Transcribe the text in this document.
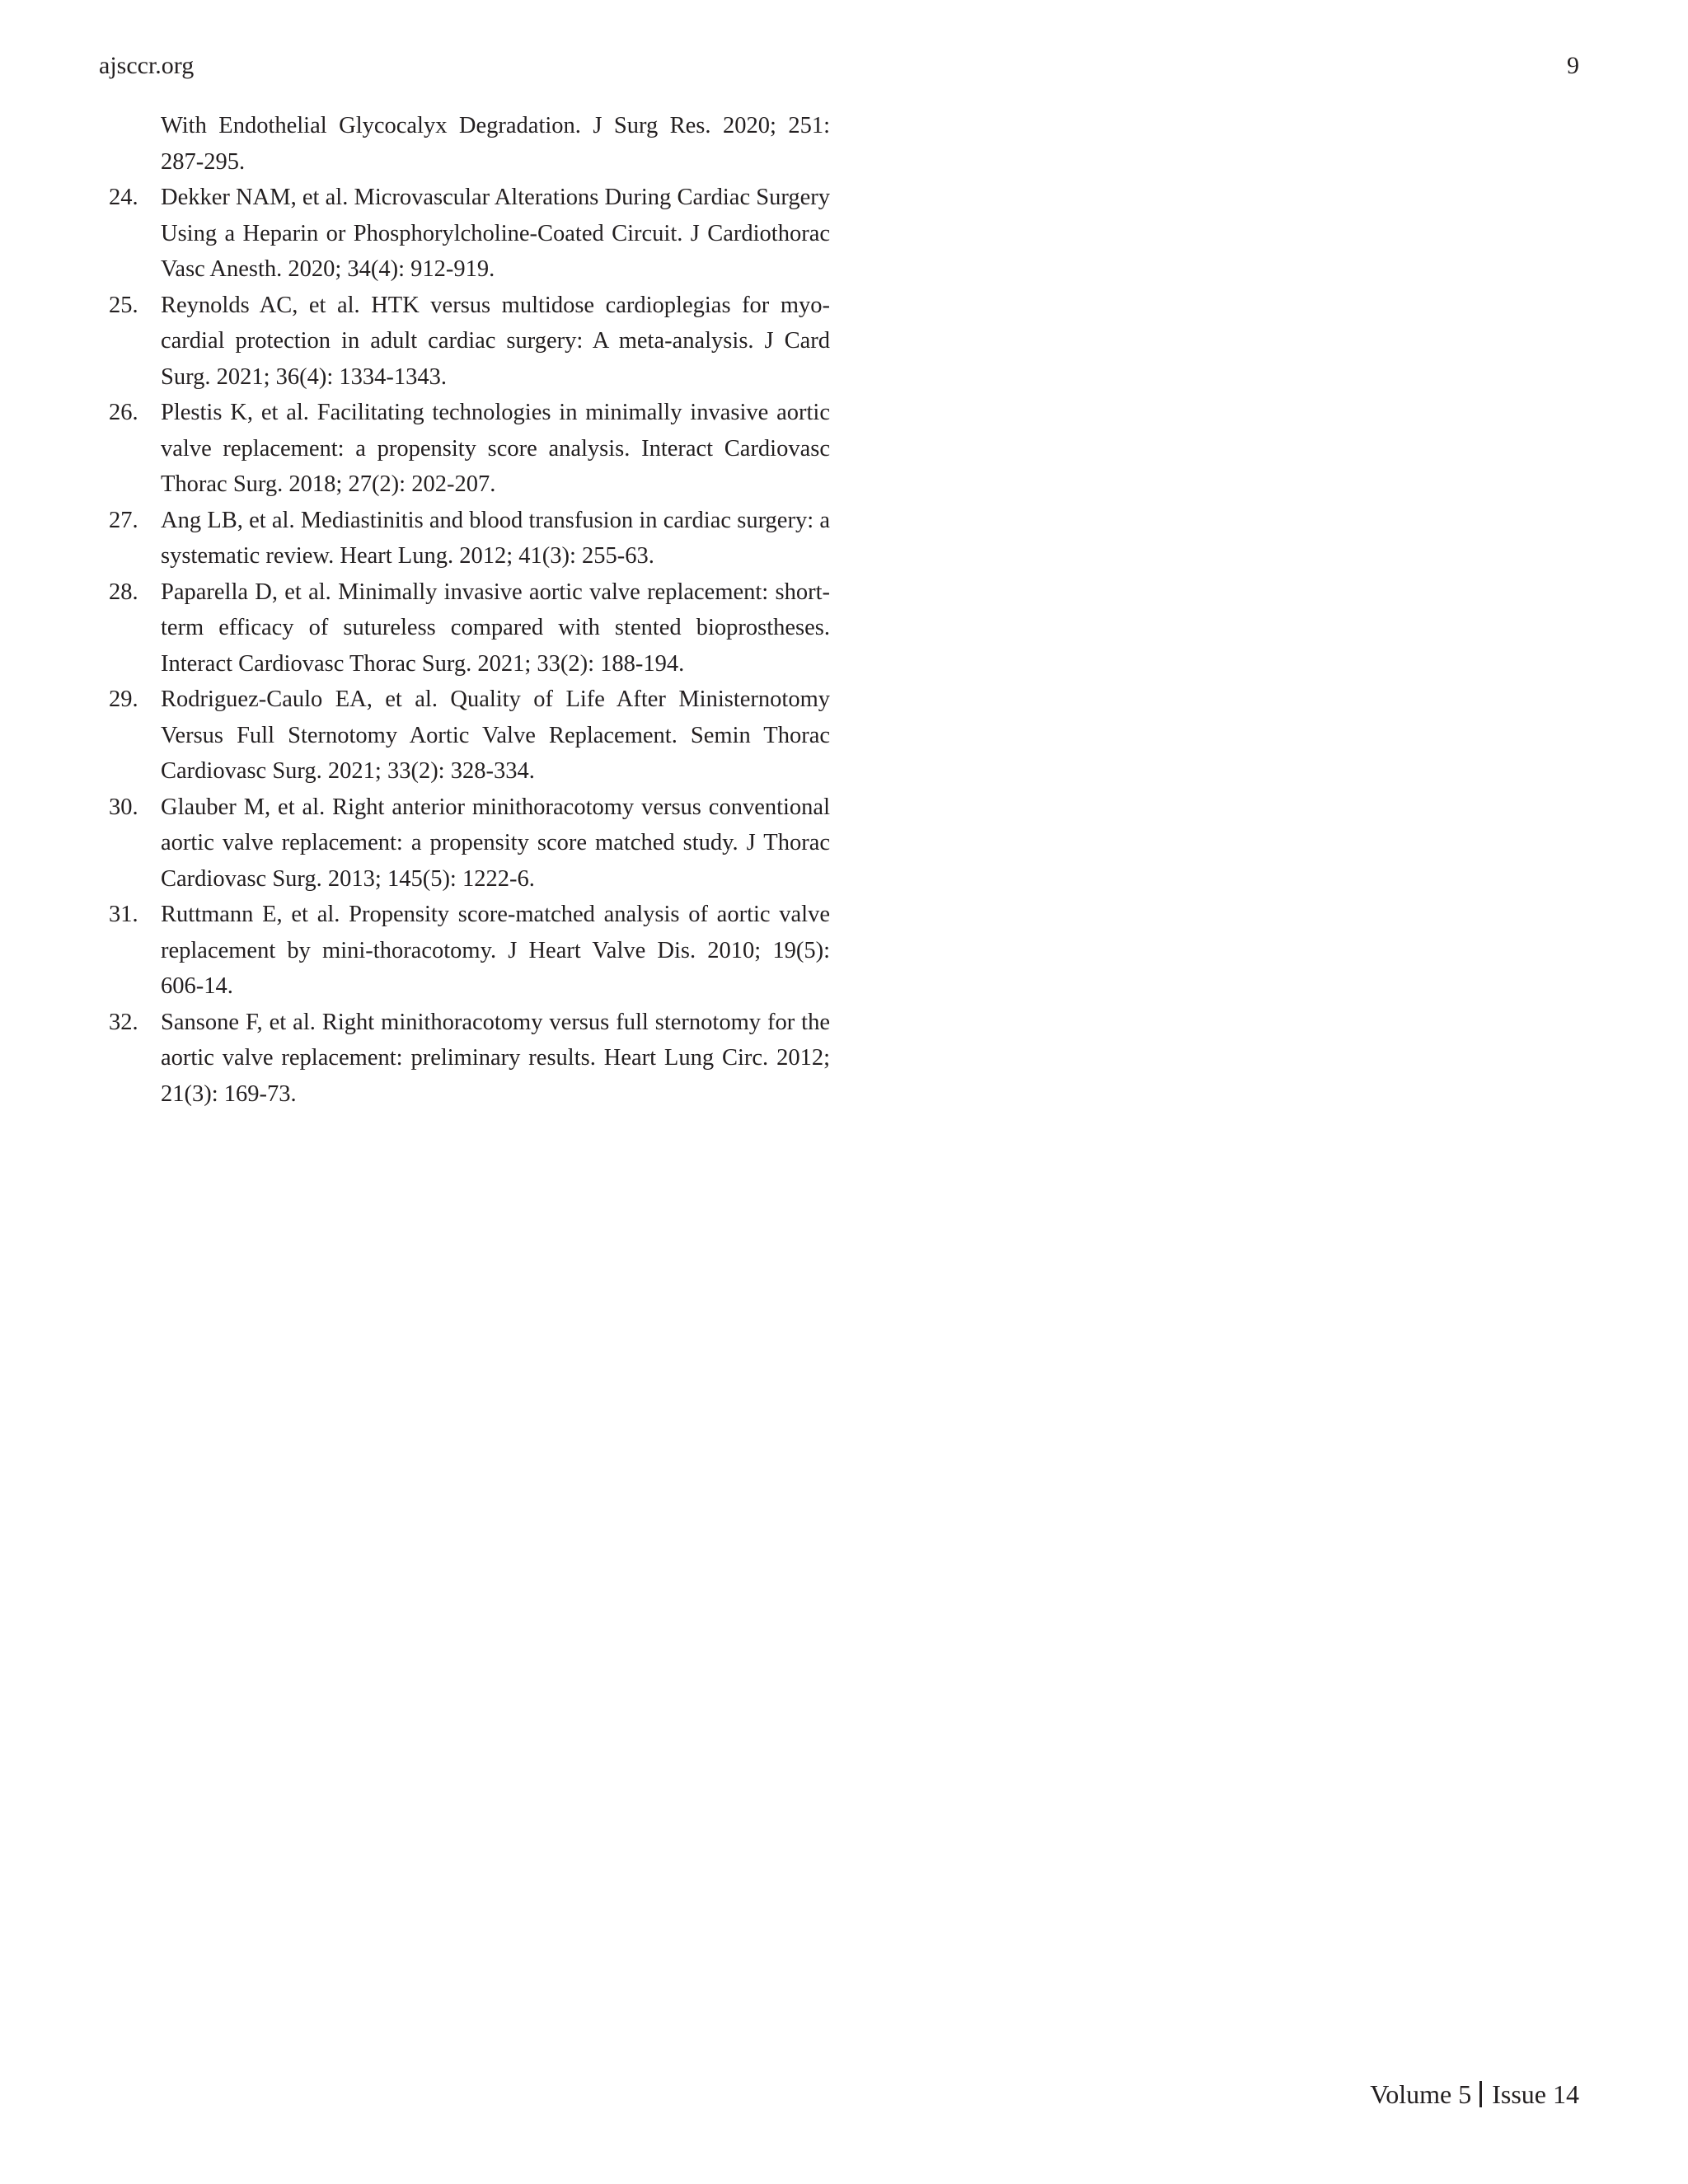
ajsccr.org	9
With Endothelial Glycocalyx Degradation. J Surg Res. 2020; 251: 287-295.
24. Dekker NAM, et al. Microvascular Alterations During Cardiac Surgery Using a Heparin or Phosphorylcholine-Coated Circuit. J Cardiothorac Vasc Anesth. 2020; 34(4): 912-919.
25. Reynolds AC, et al. HTK versus multidose cardioplegias for myocardial protection in adult cardiac surgery: A meta-analysis. J Card Surg. 2021; 36(4): 1334-1343.
26. Plestis K, et al. Facilitating technologies in minimally invasive aortic valve replacement: a propensity score analysis. Interact Cardiovasc Thorac Surg. 2018; 27(2): 202-207.
27. Ang LB, et al. Mediastinitis and blood transfusion in cardiac surgery: a systematic review. Heart Lung. 2012; 41(3): 255-63.
28. Paparella D, et al. Minimally invasive aortic valve replacement: short-term efficacy of sutureless compared with stented bioprostheses. Interact Cardiovasc Thorac Surg. 2021; 33(2): 188-194.
29. Rodriguez-Caulo EA, et al. Quality of Life After Ministernotomy Versus Full Sternotomy Aortic Valve Replacement. Semin Thorac Cardiovasc Surg. 2021; 33(2): 328-334.
30. Glauber M, et al. Right anterior minithoracotomy versus conventional aortic valve replacement: a propensity score matched study. J Thorac Cardiovasc Surg. 2013; 145(5): 1222-6.
31. Ruttmann E, et al. Propensity score-matched analysis of aortic valve replacement by mini-thoracotomy. J Heart Valve Dis. 2010; 19(5): 606-14.
32. Sansone F, et al. Right minithoracotomy versus full sternotomy for the aortic valve replacement: preliminary results. Heart Lung Circ. 2012; 21(3): 169-73.
Volume 5 Issue 14
